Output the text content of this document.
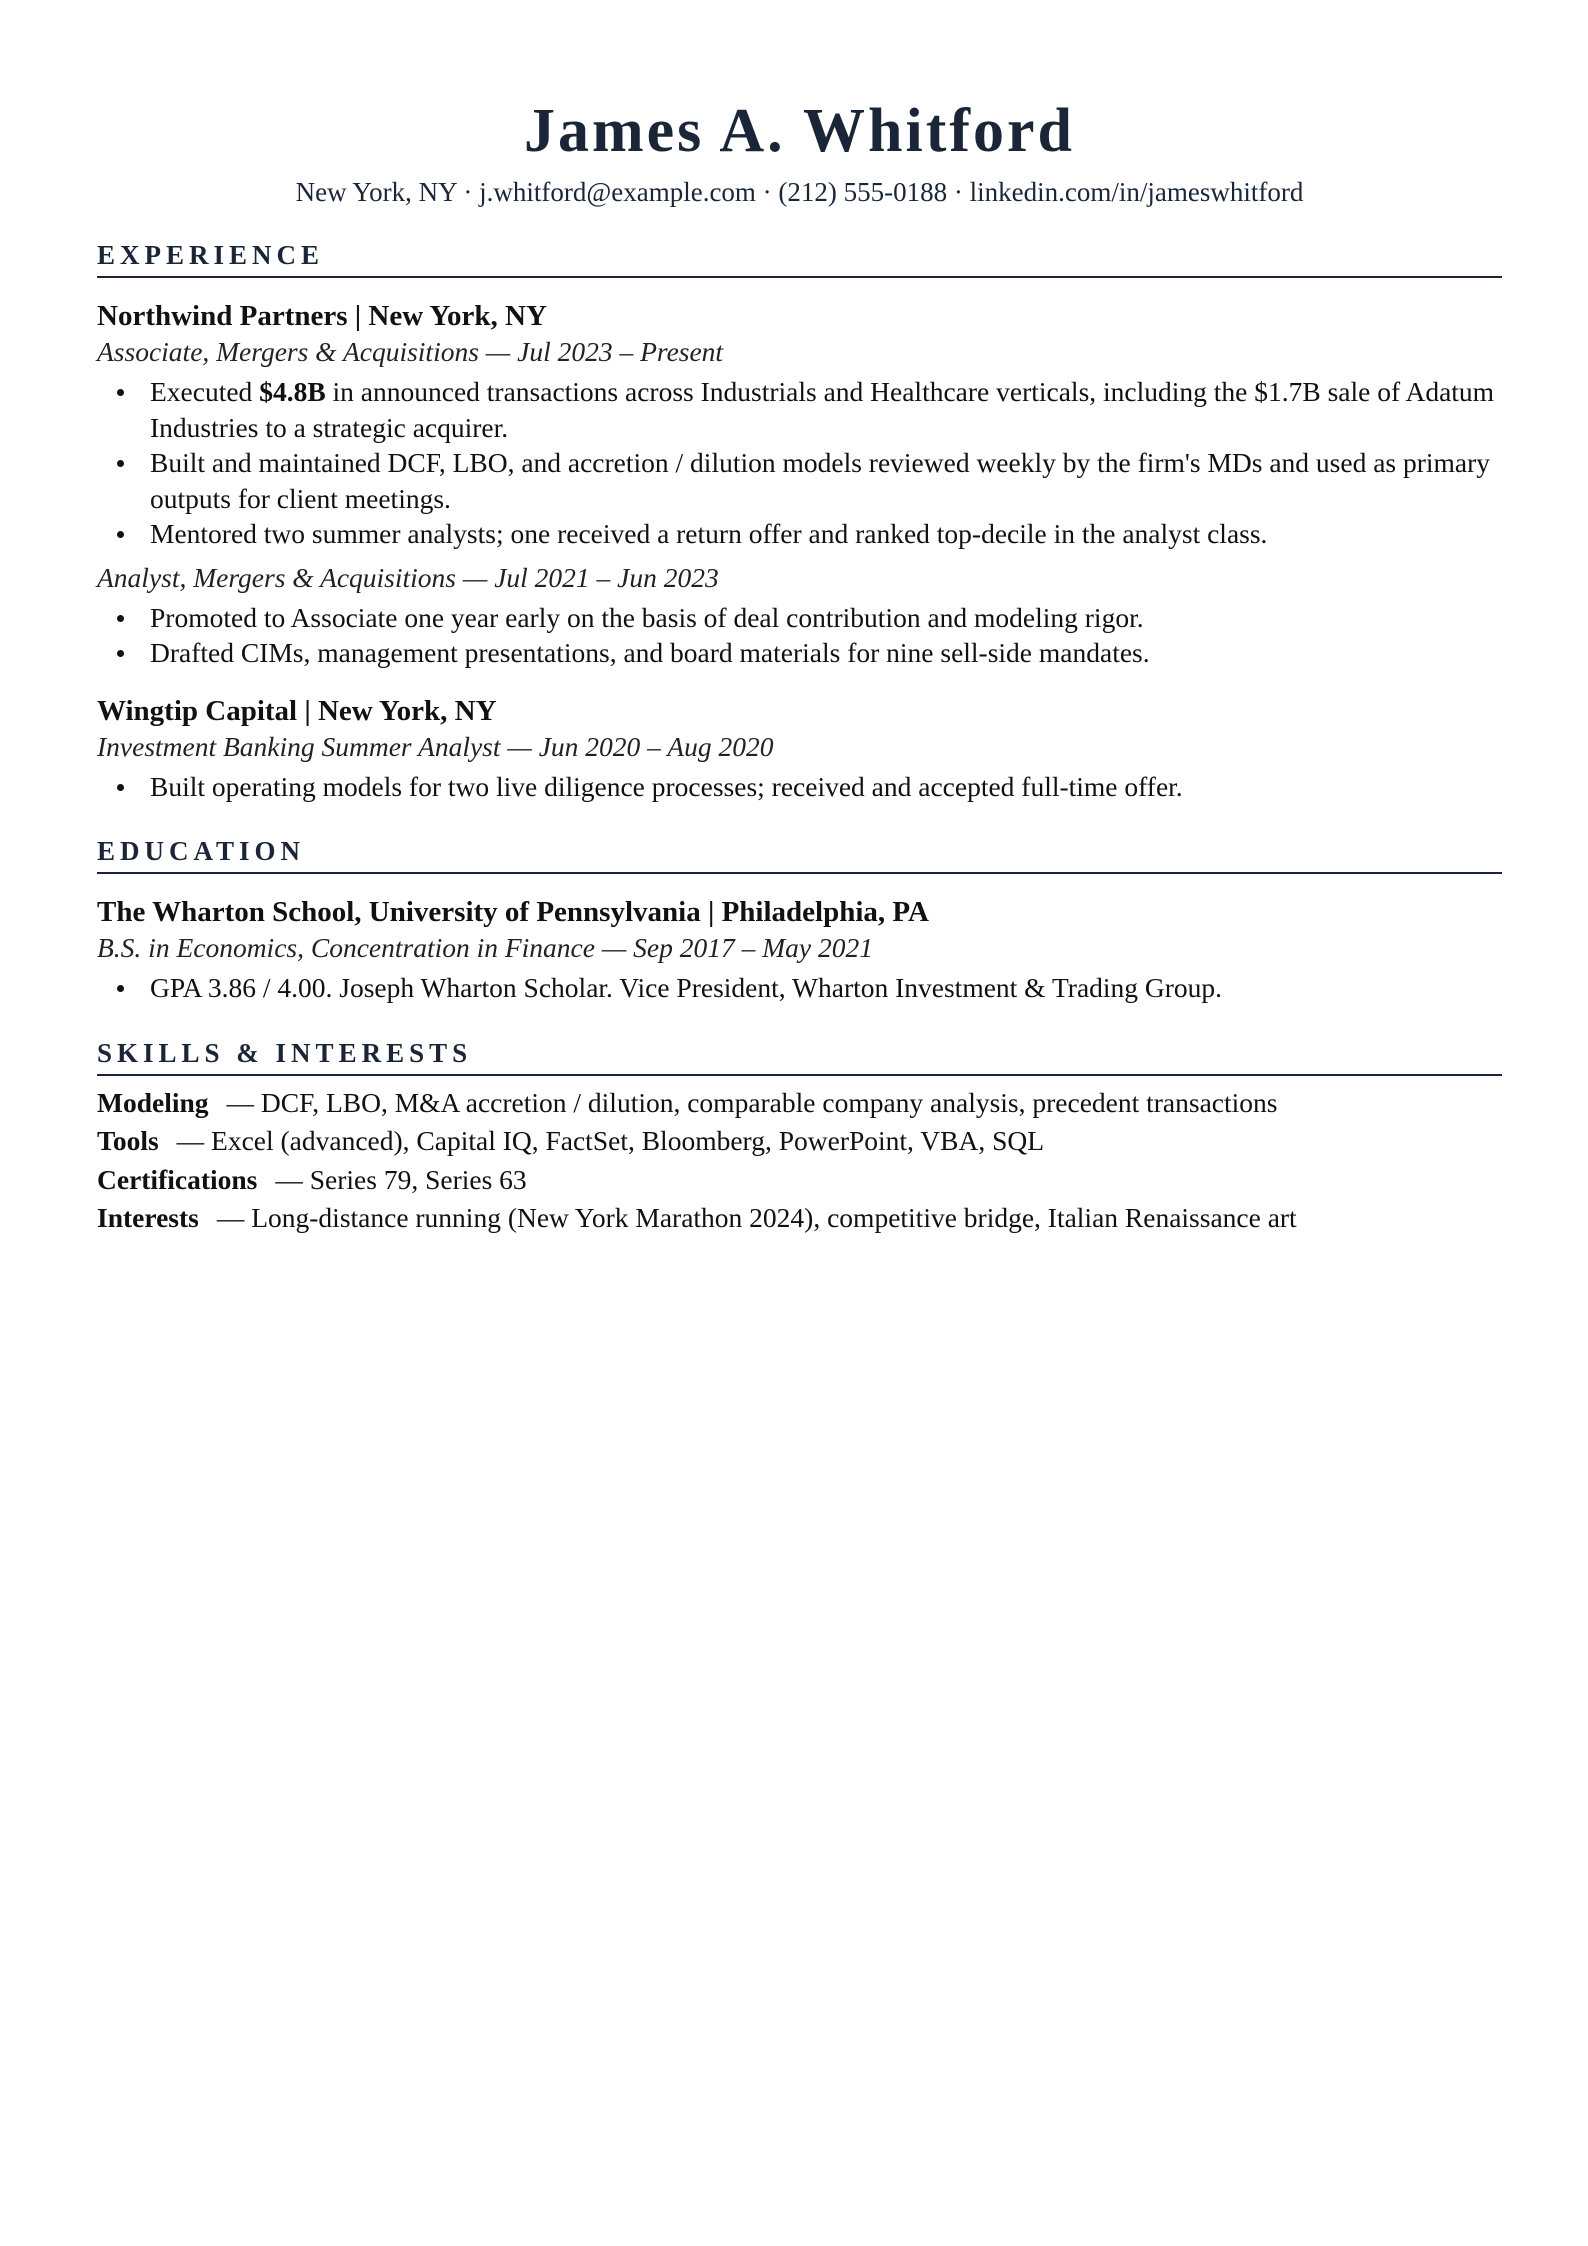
James A. Whitford
New York, NY · j.whitford@example.com · (212) 555-0188 · linkedin.com/in/jameswhitford
EXPERIENCE
Northwind Partners | New York, NY
Associate, Mergers & Acquisitions — Jul 2023 – Present
Executed $4.8B in announced transactions across Industrials and Healthcare verticals, including the $1.7B sale of Adatum Industries to a strategic acquirer.
Built and maintained DCF, LBO, and accretion / dilution models reviewed weekly by the firm's MDs and used as primary outputs for client meetings.
Mentored two summer analysts; one received a return offer and ranked top-decile in the analyst class.
Analyst, Mergers & Acquisitions — Jul 2021 – Jun 2023
Promoted to Associate one year early on the basis of deal contribution and modeling rigor.
Drafted CIMs, management presentations, and board materials for nine sell-side mandates.
Wingtip Capital | New York, NY
Investment Banking Summer Analyst — Jun 2020 – Aug 2020
Built operating models for two live diligence processes; received and accepted full-time offer.
EDUCATION
The Wharton School, University of Pennsylvania | Philadelphia, PA
B.S. in Economics, Concentration in Finance — Sep 2017 – May 2021
GPA 3.86 / 4.00. Joseph Wharton Scholar. Vice President, Wharton Investment & Trading Group.
SKILLS & INTERESTS
Modeling — DCF, LBO, M&A accretion / dilution, comparable company analysis, precedent transactions
Tools — Excel (advanced), Capital IQ, FactSet, Bloomberg, PowerPoint, VBA, SQL
Certifications — Series 79, Series 63
Interests — Long-distance running (New York Marathon 2024), competitive bridge, Italian Renaissance art
